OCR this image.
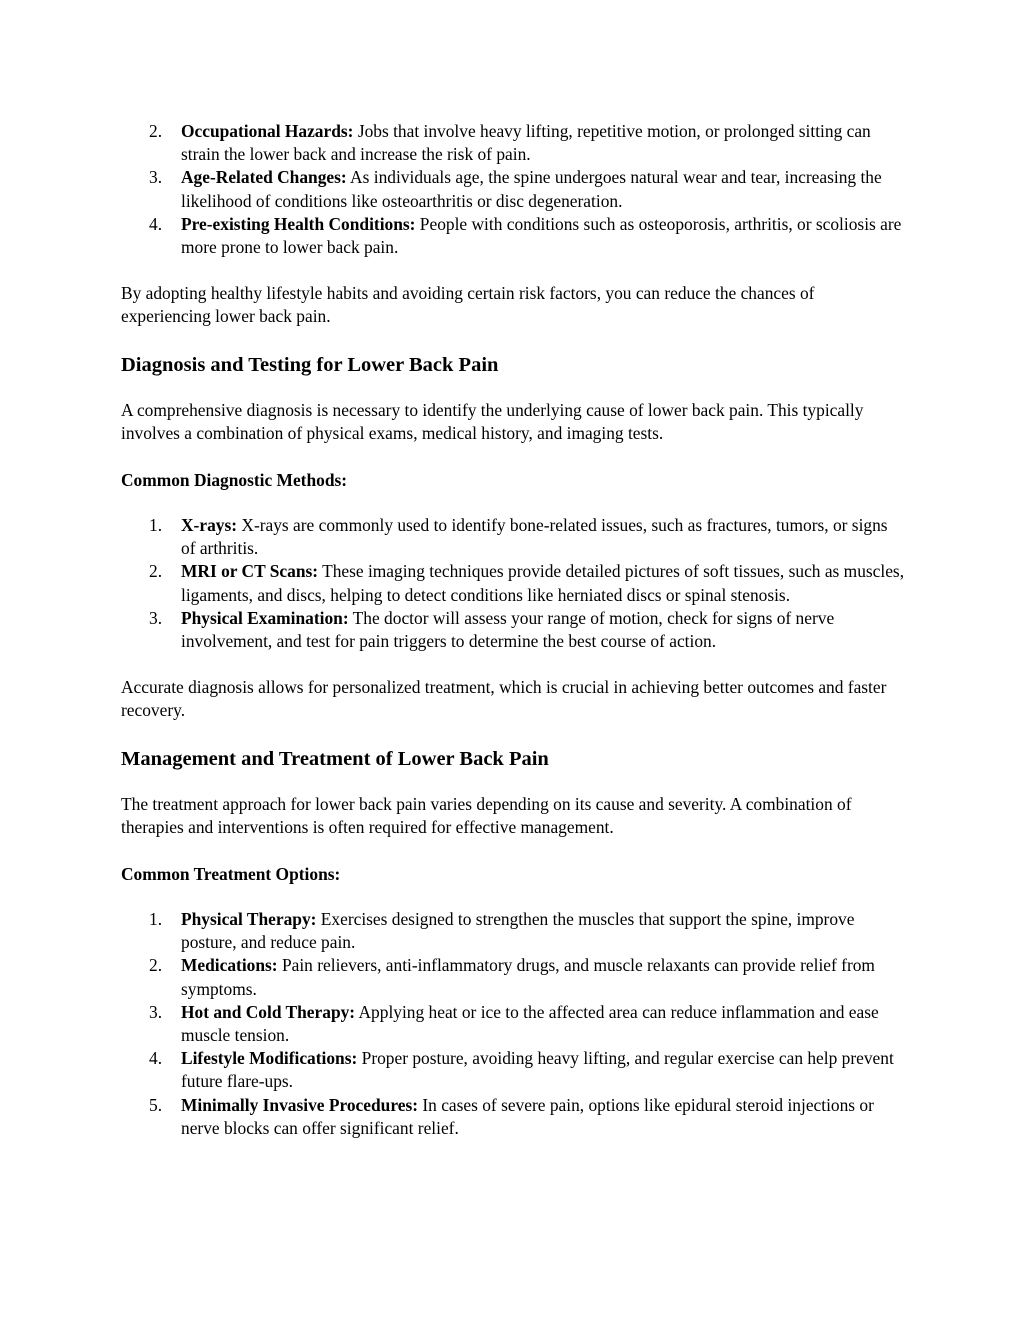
2. Occupational Hazards: Jobs that involve heavy lifting, repetitive motion, or prolonged sitting can strain the lower back and increase the risk of pain.
3. Age-Related Changes: As individuals age, the spine undergoes natural wear and tear, increasing the likelihood of conditions like osteoarthritis or disc degeneration.
4. Pre-existing Health Conditions: People with conditions such as osteoporosis, arthritis, or scoliosis are more prone to lower back pain.

By adopting healthy lifestyle habits and avoiding certain risk factors, you can reduce the chances of experiencing lower back pain.

Diagnosis and Testing for Lower Back Pain

A comprehensive diagnosis is necessary to identify the underlying cause of lower back pain. This typically involves a combination of physical exams, medical history, and imaging tests.

Common Diagnostic Methods:

1. X-rays: X-rays are commonly used to identify bone-related issues, such as fractures, tumors, or signs of arthritis.
2. MRI or CT Scans: These imaging techniques provide detailed pictures of soft tissues, such as muscles, ligaments, and discs, helping to detect conditions like herniated discs or spinal stenosis.
3. Physical Examination: The doctor will assess your range of motion, check for signs of nerve involvement, and test for pain triggers to determine the best course of action.

Accurate diagnosis allows for personalized treatment, which is crucial in achieving better outcomes and faster recovery.

Management and Treatment of Lower Back Pain

The treatment approach for lower back pain varies depending on its cause and severity. A combination of therapies and interventions is often required for effective management.

Common Treatment Options:

1. Physical Therapy: Exercises designed to strengthen the muscles that support the spine, improve posture, and reduce pain.
2. Medications: Pain relievers, anti-inflammatory drugs, and muscle relaxants can provide relief from symptoms.
3. Hot and Cold Therapy: Applying heat or ice to the affected area can reduce inflammation and ease muscle tension.
4. Lifestyle Modifications: Proper posture, avoiding heavy lifting, and regular exercise can help prevent future flare-ups.
5. Minimally Invasive Procedures: In cases of severe pain, options like epidural steroid injections or nerve blocks can offer significant relief.
